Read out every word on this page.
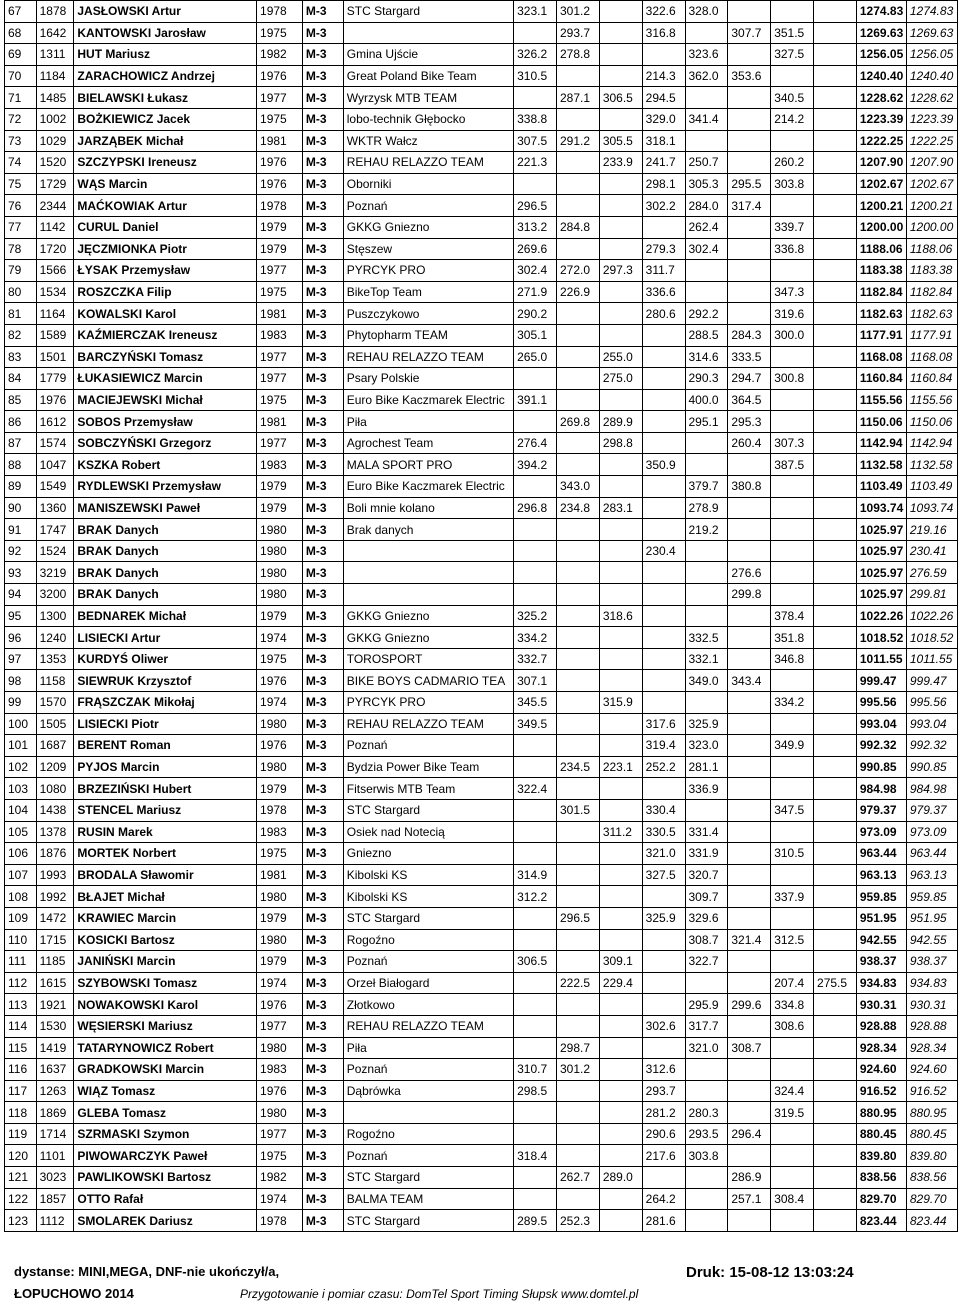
67	1878	JASŁOWSKI Artur	1978	M-3	STC Stargard	323.1	301.2		322.6	328.0				1274.83	1274.83
68	1642	KANTOWSKI Jarosław	1975	M-3			293.7		316.8		307.7	351.5		1269.63	1269.63
69	1311	HUT Mariusz	1982	M-3	Gmina Ujście	326.2	278.8			323.6		327.5		1256.05	1256.05
70	1184	ZARACHOWICZ Andrzej	1976	M-3	Great Poland Bike Team	310.5			214.3	362.0	353.6			1240.40	1240.40
71	1485	BIELAWSKI Łukasz	1977	M-3	Wyrzysk MTB TEAM		287.1	306.5	294.5			340.5		1228.62	1228.62
72	1002	BOŻKIEWICZ Jacek	1975	M-3	lobo-technik Głębocko	338.8			329.0	341.4		214.2		1223.39	1223.39
73	1029	JARZĄBEK Michał	1981	M-3	WKTR Wałcz	307.5	291.2	305.5	318.1					1222.25	1222.25
74	1520	SZCZYPSKI Ireneusz	1976	M-3	REHAU RELAZZO TEAM	221.3		233.9	241.7	250.7		260.2		1207.90	1207.90
75	1729	WĄS Marcin	1976	M-3	Oborniki				298.1	305.3	295.5	303.8		1202.67	1202.67
76	2344	MAĆKOWIAK Artur	1978	M-3	Poznań	296.5			302.2	284.0	317.4			1200.21	1200.21
77	1142	CURUL Daniel	1979	M-3	GKKG Gniezno	313.2	284.8			262.4		339.7		1200.00	1200.00
78	1720	JĘCZMIONKA Piotr	1979	M-3	Stęszew	269.6			279.3	302.4		336.8		1188.06	1188.06
79	1566	ŁYSAK Przemysław	1977	M-3	PYRCYK PRO	302.4	272.0	297.3	311.7					1183.38	1183.38
80	1534	ROSZCZKA Filip	1975	M-3	BikeTop Team	271.9	226.9		336.6			347.3		1182.84	1182.84
81	1164	KOWALSKI Karol	1981	M-3	Puszczykowo	290.2			280.6	292.2		319.6		1182.63	1182.63
82	1589	KAŹMIERCZAK Ireneusz	1983	M-3	Phytopharm TEAM	305.1				288.5	284.3	300.0		1177.91	1177.91
83	1501	BARCZYŃSKI Tomasz	1977	M-3	REHAU RELAZZO TEAM	265.0		255.0		314.6	333.5			1168.08	1168.08
84	1779	ŁUKASIEWICZ Marcin	1977	M-3	Psary Polskie			275.0		290.3	294.7	300.8		1160.84	1160.84
85	1976	MACIEJEWSKI Michał	1975	M-3	Euro Bike Kaczmarek Electric	391.1				400.0	364.5			1155.56	1155.56
86	1612	SOBOS Przemysław	1981	M-3	Piła		269.8	289.9		295.1	295.3			1150.06	1150.06
87	1574	SOBCZYŃSKI Grzegorz	1977	M-3	Agrochest Team	276.4		298.8			260.4	307.3		1142.94	1142.94
88	1047	KSZKA Robert	1983	M-3	MALA SPORT PRO	394.2			350.9			387.5		1132.58	1132.58
89	1549	RYDLEWSKI Przemysław	1979	M-3	Euro Bike Kaczmarek Electric		343.0			379.7	380.8			1103.49	1103.49
90	1360	MANISZEWSKI Paweł	1979	M-3	Boli mnie kolano	296.8	234.8	283.1		278.9				1093.74	1093.74
91	1747	BRAK Danych	1980	M-3	Brak danych					219.2				1025.97	219.16
92	1524	BRAK Danych	1980	M-3					230.4					1025.97	230.41
93	3219	BRAK Danych	1980	M-3							276.6			1025.97	276.59
94	3200	BRAK Danych	1980	M-3							299.8			1025.97	299.81
95	1300	BEDNAREK Michał	1979	M-3	GKKG Gniezno	325.2		318.6				378.4		1022.26	1022.26
96	1240	LISIECKI Artur	1974	M-3	GKKG Gniezno	334.2				332.5		351.8		1018.52	1018.52
97	1353	KURDYŚ Oliwer	1975	M-3	TOROSPORT	332.7				332.1		346.8		1011.55	1011.55
98	1158	SIEWRUK Krzysztof	1976	M-3	BIKE BOYS CADMARIO TEA	307.1				349.0	343.4			999.47	999.47
99	1570	FRĄSZCZAK Mikołaj	1974	M-3	PYRCYK PRO	345.5		315.9				334.2		995.56	995.56
100	1505	LISIECKI Piotr	1980	M-3	REHAU RELAZZO TEAM	349.5			317.6	325.9				993.04	993.04
101	1687	BERENT Roman	1976	M-3	Poznań				319.4	323.0		349.9		992.32	992.32
102	1209	PYJOS Marcin	1980	M-3	Bydzia Power Bike Team		234.5	223.1	252.2	281.1				990.85	990.85
103	1080	BRZEZIŃSKI Hubert	1979	M-3	Fitserwis MTB Team	322.4				336.9				984.98	984.98
104	1438	STENCEL Mariusz	1978	M-3	STC Stargard		301.5		330.4			347.5		979.37	979.37
105	1378	RUSIN Marek	1983	M-3	Osiek nad Notecią			311.2	330.5	331.4				973.09	973.09
106	1876	MORTEK Norbert	1975	M-3	Gniezno				321.0	331.9		310.5		963.44	963.44
107	1993	BRODALA Sławomir	1981	M-3	Kibolski KS	314.9			327.5	320.7				963.13	963.13
108	1992	BŁAJET Michał	1980	M-3	Kibolski KS	312.2				309.7		337.9		959.85	959.85
109	1472	KRAWIEC Marcin	1979	M-3	STC Stargard		296.5		325.9	329.6				951.95	951.95
110	1715	KOSICKI Bartosz	1980	M-3	Rogoźno					308.7	321.4	312.5		942.55	942.55
111	1185	JANIŃSKI Marcin	1979	M-3	Poznań	306.5		309.1		322.7				938.37	938.37
112	1615	SZYBOWSKI Tomasz	1974	M-3	Orzeł Białogard		222.5	229.4				207.4	275.5	934.83	934.83
113	1921	NOWAKOWSKI Karol	1976	M-3	Złotkowo					295.9	299.6	334.8		930.31	930.31
114	1530	WĘSIERSKI Mariusz	1977	M-3	REHAU RELAZZO TEAM				302.6	317.7		308.6		928.88	928.88
115	1419	TATARYNOWICZ Robert	1980	M-3	Piła		298.7			321.0	308.7			928.34	928.34
116	1637	GRADKOWSKI Marcin	1983	M-3	Poznań	310.7	301.2		312.6					924.60	924.60
117	1263	WIĄZ Tomasz	1976	M-3	Dąbrówka	298.5			293.7			324.4		916.52	916.52
118	1869	GLEBA Tomasz	1980	M-3					281.2	280.3		319.5		880.95	880.95
119	1714	SZRMASKI Szymon	1977	M-3	Rogoźno				290.6	293.5	296.4			880.45	880.45
120	1101	PIWOWARCZYK Paweł	1975	M-3	Poznań	318.4			217.6	303.8				839.80	839.80
121	3023	PAWLIKOWSKI Bartosz	1982	M-3	STC Stargard		262.7	289.0			286.9			838.56	838.56
122	1857	OTTO Rafał	1974	M-3	BALMA TEAM				264.2		257.1	308.4		829.70	829.70
123	1112	SMOLAREK Dariusz	1978	M-3	STC Stargard	289.5	252.3		281.6					823.44	823.44
dystanse: MINI,MEGA, DNF-nie ukończył/a,	Druk: 15-08-12 13:03:24
ŁOPUCHOWO 2014	Przygotowanie i pomiar czasu: DomTel Sport Timing Słupsk www.domtel.pl
